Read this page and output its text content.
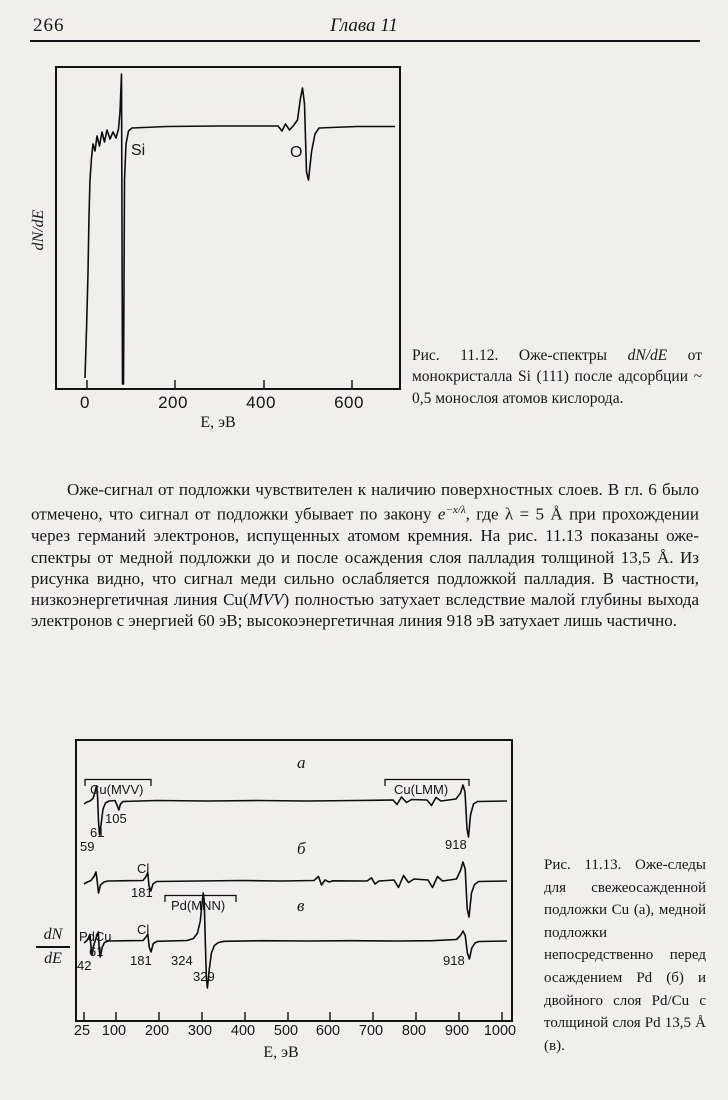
266	Глава 11
Si	O
dN/dE
0	200	400	600
E, эВ
Рис. 11.12. Оже-спектры dN/dE от монокристалла Si (111) после адсорбции ~ 0,5 монослоя атомов кислорода.

Оже-сигнал от подложки чувствителен к наличию поверхностных слоев. В гл. 6 было отмечено, что сигнал от подложки убывает по закону $e^{-x/\lambda}$, где λ = 5 Å при прохождении через германий электронов, испущенных атомом кремния. На рис. 11.13 показаны оже-спектры от медной подложки до и после осаждения слоя палладия толщиной 13,5 Å. Из рисунка видно, что сигнал меди сильно ослабляется подложкой палладия. В частности, низкоэнергетичная линия Cu(MVV) полностью затухает вследствие малой глубины выхода электронов с энергией 60 эВ; высокоэнергетичная линия 918 эВ затухает лишь частично.

а
Cu(MVV)	Cu(LMM)
105
61
59	918
б
Cl
181
в
Pd(MNN)
Cl
PdCu
61
42	181 324
329
918
dN
dE
25 100 200 300 400 500 600 700 800 900 1000
E, эВ
Рис. 11.13. Оже-следы для свежеосажденной подложки Cu (а), медной подложки непосредственно перед осаждением Pd (б) и двойного слоя Pd/Cu с толщиной слоя Pd 13,5 Å (в).
